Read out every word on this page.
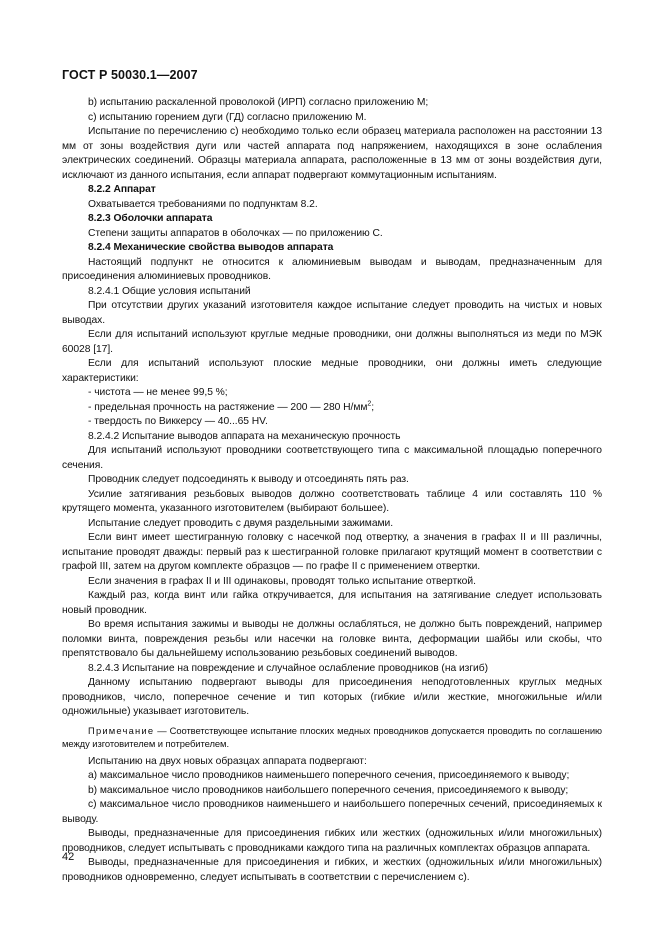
ГОСТ Р 50030.1—2007

b) испытанию раскаленной проволокой (ИРП) согласно приложению М;

c) испытанию горением дуги (ГД) согласно приложению М.

Испытание по перечислению с) необходимо только если образец материала расположен на расстоянии 13 мм от зоны воздействия дуги или частей аппарата под напряжением, находящихся в зоне ослабления электрических соединений. Образцы материала аппарата, расположенные в 13 мм от зоны воздействия дуги, исключают из данного испытания, если аппарат подвергают коммутационным испытаниям.

8.2.2 Аппарат

Охватывается требованиями по подпунктам 8.2.

8.2.3 Оболочки аппарата

Степени защиты аппаратов в оболочках — по приложению С.

8.2.4 Механические свойства выводов аппарата

Настоящий подпункт не относится к алюминиевым выводам и выводам, предназначенным для присоединения алюминиевых проводников.

8.2.4.1 Общие условия испытаний

При отсутствии других указаний изготовителя каждое испытание следует проводить на чистых и новых выводах.

Если для испытаний используют круглые медные проводники, они должны выполняться из меди по МЭК 60028 [17].

Если для испытаний используют плоские медные проводники, они должны иметь следующие характеристики:

- чистота — не менее 99,5 %;

- предельная прочность на растяжение — 200 — 280 $Н/мм^2$;

- твердость по Виккерсу — 40...65 HV.

8.2.4.2 Испытание выводов аппарата на механическую прочность

Для испытаний используют проводники соответствующего типа с максимальной площадью поперечного сечения.

Проводник следует подсоединять к выводу и отсоединять пять раз.

Усилие затягивания резьбовых выводов должно соответствовать таблице 4 или составлять 110 % крутящего момента, указанного изготовителем (выбирают большее).

Испытание следует проводить с двумя раздельными зажимами.

Если винт имеет шестигранную головку с насечкой под отвертку, а значения в графах II и III различны, испытание проводят дважды: первый раз к шестигранной головке прилагают крутящий момент в соответствии с графой III, затем на другом комплекте образцов — по графе II с применением отвертки.

Если значения в графах II и III одинаковы, проводят только испытание отверткой.

Каждый раз, когда винт или гайка откручивается, для испытания на затягивание следует использовать новый проводник.

Во время испытания зажимы и выводы не должны ослабляться, не должно быть повреждений, например поломки винта, повреждения резьбы или насечки на головке винта, деформации шайбы или скобы, что препятствовало бы дальнейшему использованию резьбовых соединений выводов.

8.2.4.3 Испытание на повреждение и случайное ослабление проводников (на изгиб)

Данному испытанию подвергают выводы для присоединения неподготовленных круглых медных проводников, число, поперечное сечение и тип которых (гибкие и/или жесткие, многожильные и/или одножильные) указывает изготовитель.

Примечание — Соответствующее испытание плоских медных проводников допускается проводить по соглашению между изготовителем и потребителем.

Испытанию на двух новых образцах аппарата подвергают:

a) максимальное число проводников наименьшего поперечного сечения, присоединяемого к выводу;

b) максимальное число проводников наибольшего поперечного сечения, присоединяемого к выводу;

c) максимальное число проводников наименьшего и наибольшего поперечных сечений, присоединяемых к выводу.

Выводы, предназначенные для присоединения гибких или жестких (одножильных и/или многожильных) проводников, следует испытывать с проводниками каждого типа на различных комплектах образцов аппарата.

Выводы, предназначенные для присоединения и гибких, и жестких (одножильных и/или многожильных) проводников одновременно, следует испытывать в соответствии с перечислением с).

42
